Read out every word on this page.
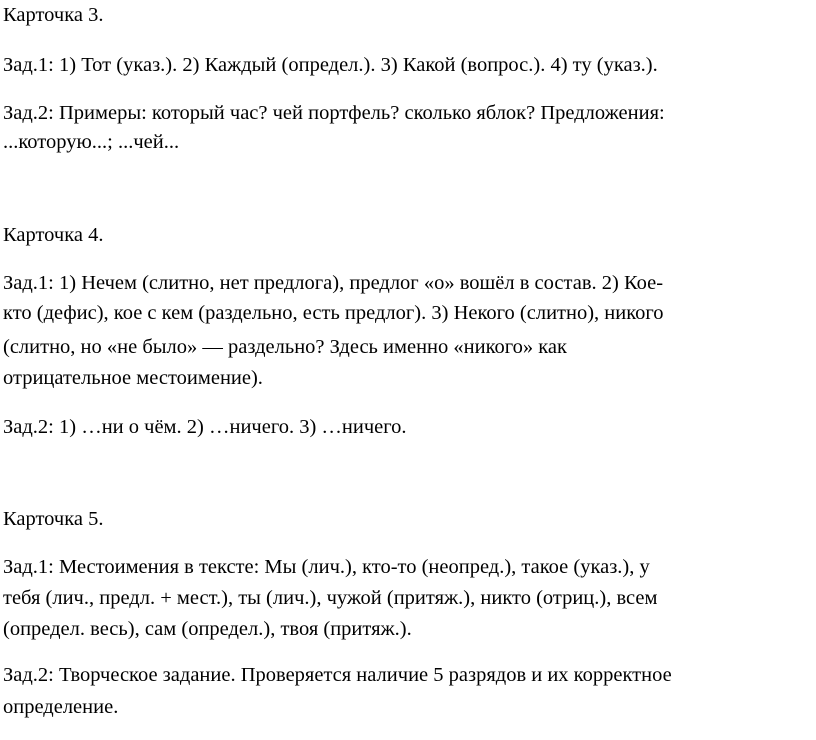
Карточка 3.

Зад.1: 1) Тот (указ.). 2) Каждый (определ.). 3) Какой (вопрос.). 4) ту (указ.).

Зад.2: Примеры: который час? чей портфель? сколько яблок? Предложения:

...которую...; ...чей...

Карточка 4.

Зад.1: 1) Нечем (слитно, нет предлога), предлог «о» вошёл в состав. 2) Кое-

кто (дефис), кое с кем (раздельно, есть предлог). 3) Некого (слитно), никого

(слитно, но «не было» — раздельно? Здесь именно «никого» как

отрицательное местоимение).

Зад.2: 1) …ни о чём. 2) …ничего. 3) …ничего.

Карточка 5.

Зад.1: Местоимения в тексте: Мы (лич.), кто-то (неопред.), такое (указ.), у

тебя (лич., предл. + мест.), ты (лич.), чужой (притяж.), никто (отриц.), всем

(определ. весь), сам (определ.), твоя (притяж.).

Зад.2: Творческое задание. Проверяется наличие 5 разрядов и их корректное

определение.
